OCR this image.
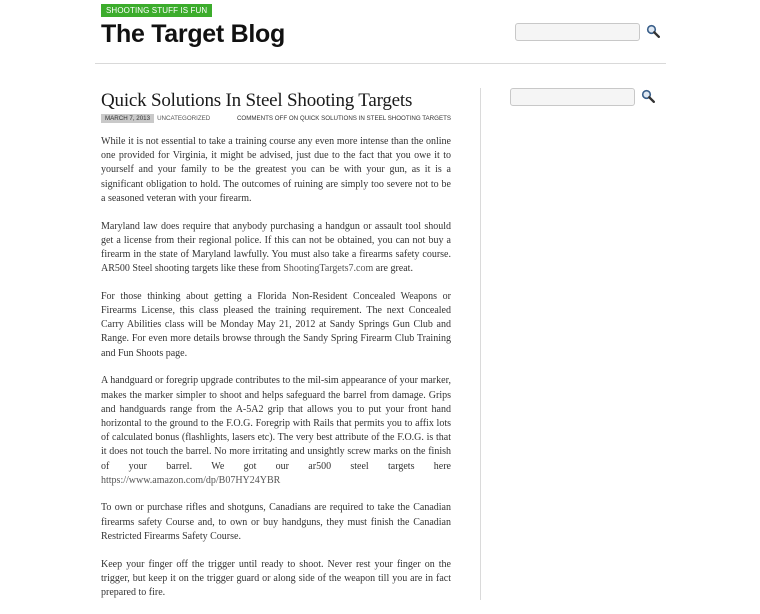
SHOOTING STUFF IS FUN
The Target Blog
Quick Solutions In Steel Shooting Targets
MARCH 7, 2013 UNCATEGORIZED	COMMENTS OFF ON QUICK SOLUTIONS IN STEEL SHOOTING TARGETS

While it is not essential to take a training course any even more intense than the online one provided for Virginia, it might be advised, just due to the fact that you owe it to yourself and your family to be the greatest you can be with your gun, as it is a significant obligation to hold. The outcomes of ruining are simply too severe not to be a seasoned veteran with your firearm.

Maryland law does require that anybody purchasing a handgun or assault tool should get a license from their regional police. If this can not be obtained, you can not buy a firearm in the state of Maryland lawfully. You must also take a firearms safety course. AR500 Steel shooting targets like these from ShootingTargets7.com are great.

For those thinking about getting a Florida Non-Resident Concealed Weapons or Firearms License, this class pleased the training requirement. The next Concealed Carry Abilities class will be Monday May 21, 2012 at Sandy Springs Gun Club and Range. For even more details browse through the Sandy Spring Firearm Club Training and Fun Shoots page.

A handguard or foregrip upgrade contributes to the mil-sim appearance of your marker, makes the marker simpler to shoot and helps safeguard the barrel from damage. Grips and handguards range from the A-5A2 grip that allows you to put your front hand horizontal to the ground to the F.O.G. Foregrip with Rails that permits you to affix lots of calculated bonus (flashlights, lasers etc). The very best attribute of the F.O.G. is that it does not touch the barrel. No more irritating and unsightly screw marks on the finish of your barrel. We got our ar500 steel targets here https://www.amazon.com/dp/B07HY24YBR

To own or purchase rifles and shotguns, Canadians are required to take the Canadian firearms safety Course and, to own or buy handguns, they must finish the Canadian Restricted Firearms Safety Course.

Keep your finger off the trigger until ready to shoot. Never rest your finger on the trigger, but keep it on the trigger guard or along side of the weapon till you are in fact prepared to fire.
